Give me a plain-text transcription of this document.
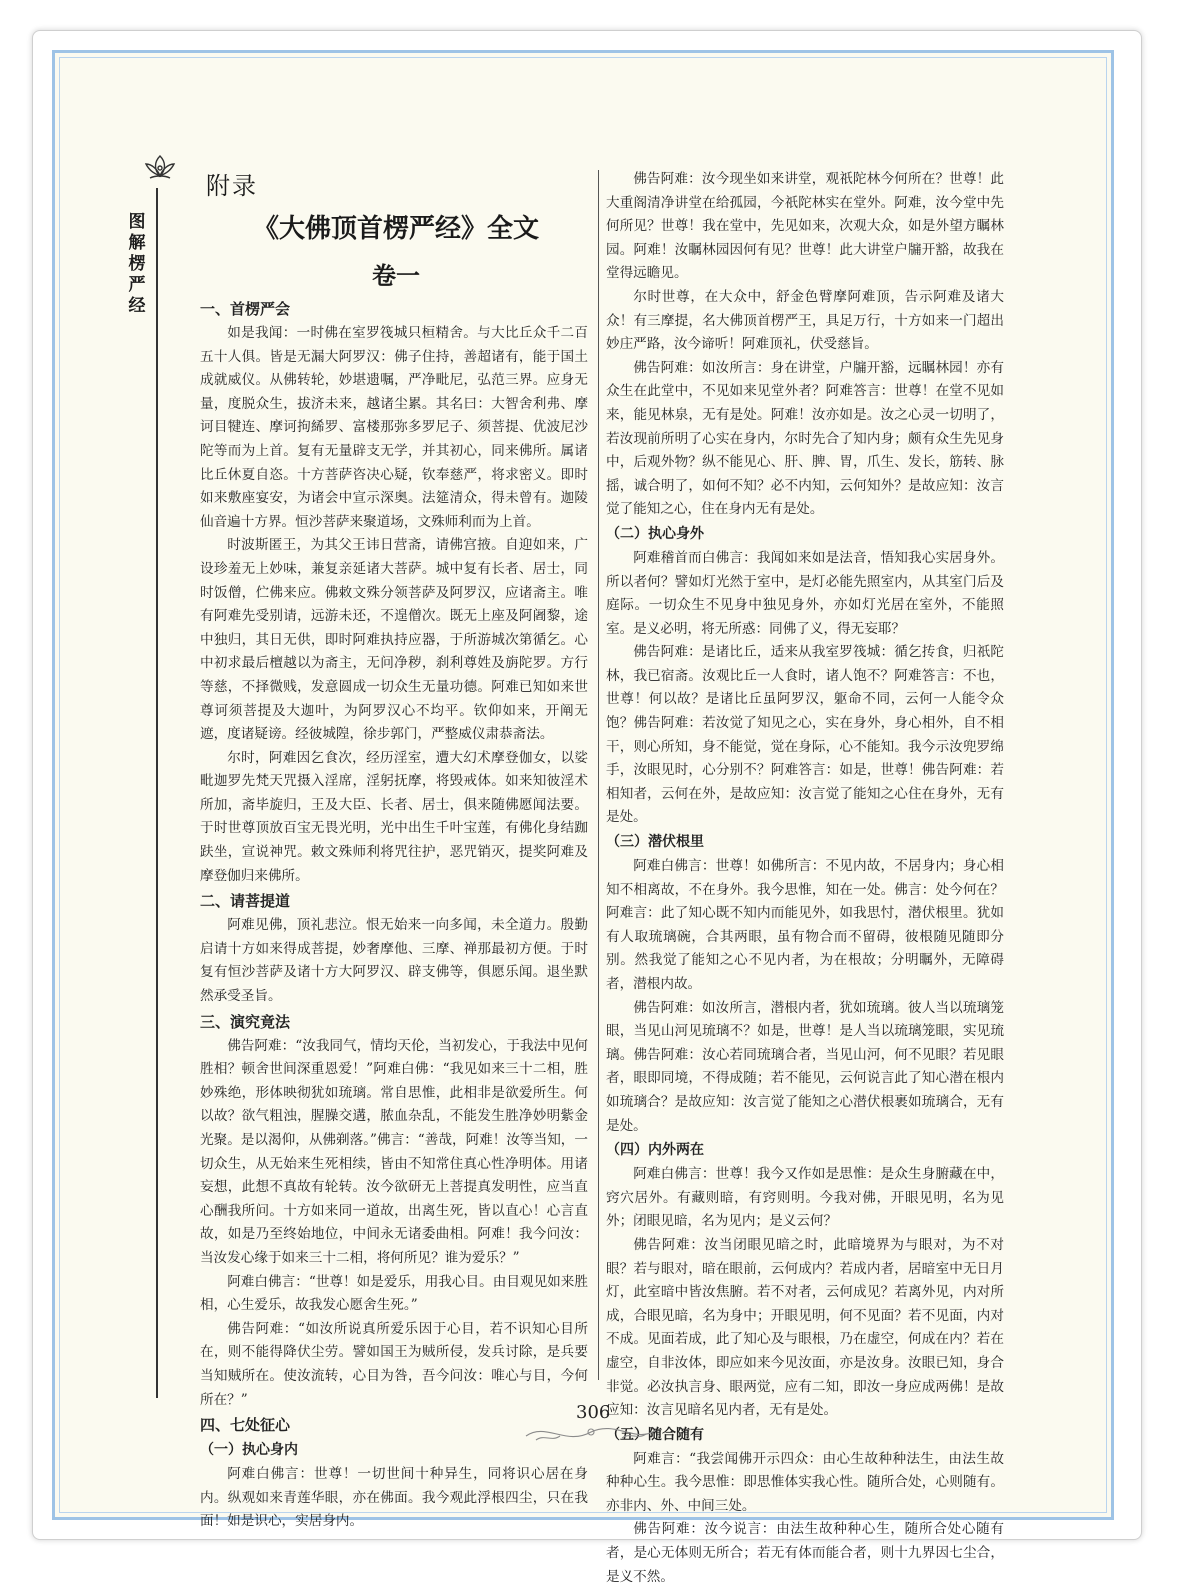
图
解
楞
严
经
附录
《大佛顶首楞严经》全文
卷一
一、首楞严会

如是我闻：一时佛在室罗筏城只桓精舍。与大比丘众千二百五十人俱。皆是无漏大阿罗汉：佛子住持，善超诸有，能于国土成就威仪。从佛转轮，妙堪遗嘱，严净毗尼，弘范三界。应身无量，度脱众生，拔济未来，越诸尘累。其名曰：大智舍利弗、摩诃目犍连、摩诃拘絺罗、富楼那弥多罗尼子、须菩提、优波尼沙陀等而为上首。复有无量辟支无学，并其初心，同来佛所。属诸比丘休夏自恣。十方菩萨咨决心疑，钦奉慈严，将求密义。即时如来敷座宴安，为诸会中宣示深奥。法筵清众，得未曾有。迦陵仙音遍十方界。恒沙菩萨来聚道场，文殊师利而为上首。

时波斯匿王，为其父王讳日营斋，请佛宫掖。自迎如来，广设珍羞无上妙味，兼复亲延诸大菩萨。城中复有长者、居士，同时饭僧，伫佛来应。佛敕文殊分领菩萨及阿罗汉，应诸斋主。唯有阿难先受别请，远游未还，不遑僧次。既无上座及阿阇黎，途中独归，其日无供，即时阿难执持应器，于所游城次第循乞。心中初求最后檀越以为斋主，无问净秽，刹利尊姓及旃陀罗。方行等慈，不择微贱，发意圆成一切众生无量功德。阿难已知如来世尊诃须菩提及大迦叶，为阿罗汉心不均平。钦仰如来，开阐无遮，度诸疑谤。经彼城隍，徐步郭门，严整威仪肃恭斋法。

尔时，阿难因乞食次，经历淫室，遭大幻术摩登伽女，以娑毗迦罗先梵天咒摄入淫席，淫躬抚摩，将毁戒体。如来知彼淫术所加，斋毕旋归，王及大臣、长者、居士，俱来随佛愿闻法要。于时世尊顶放百宝无畏光明，光中出生千叶宝莲，有佛化身结跏趺坐，宣说神咒。敕文殊师利将咒往护，恶咒销灭，提奖阿难及摩登伽归来佛所。

二、请菩提道

阿难见佛，顶礼悲泣。恨无始来一向多闻，未全道力。殷勤启请十方如来得成菩提，妙奢摩他、三摩、禅那最初方便。于时复有恒沙菩萨及诸十方大阿罗汉、辟支佛等，俱愿乐闻。退坐默然承受圣旨。

三、演究竟法

佛告阿难：“汝我同气，情均天伦，当初发心，于我法中见何胜相？顿舍世间深重恩爱！”阿难白佛：“我见如来三十二相，胜妙殊绝，形体映彻犹如琉璃。常自思惟，此相非是欲爱所生。何以故？欲气粗浊，腥臊交遘，脓血杂乱，不能发生胜净妙明紫金光聚。是以渴仰，从佛剃落。”佛言：“善哉，阿难！汝等当知，一切众生，从无始来生死相续，皆由不知常住真心性净明体。用诸妄想，此想不真故有轮转。汝今欲研无上菩提真发明性，应当直心酬我所问。十方如来同一道故，出离生死，皆以直心！心言直故，如是乃至终始地位，中间永无诸委曲相。阿难！我今问汝：当汝发心缘于如来三十二相，将何所见？谁为爱乐？”

阿难白佛言：“世尊！如是爱乐，用我心目。由目观见如来胜相，心生爱乐，故我发心愿舍生死。”

佛告阿难：“如汝所说真所爱乐因于心目，若不识知心目所在，则不能得降伏尘劳。譬如国王为贼所侵，发兵讨除，是兵要当知贼所在。使汝流转，心目为咎，吾今问汝：唯心与目，今何所在？”

四、七处征心
（一）执心身内

阿难白佛言：世尊！一切世间十种异生，同将识心居在身内。纵观如来青莲华眼，亦在佛面。我今观此浮根四尘，只在我面！如是识心，实居身内。

佛告阿难：汝今现坐如来讲堂，观祇陀林今何所在？世尊！此大重阁清净讲堂在给孤园，今祇陀林实在堂外。阿难，汝今堂中先何所见？世尊！我在堂中，先见如来，次观大众，如是外望方瞩林园。阿难！汝瞩林园因何有见？世尊！此大讲堂户牖开豁，故我在堂得远瞻见。

尔时世尊，在大众中，舒金色臂摩阿难顶，告示阿难及诸大众！有三摩提，名大佛顶首楞严王，具足万行，十方如来一门超出妙庄严路，汝今谛听！阿难顶礼，伏受慈旨。

佛告阿难：如汝所言：身在讲堂，户牖开豁，远瞩林园！亦有众生在此堂中，不见如来见堂外者？阿难答言：世尊！在堂不见如来，能见林泉，无有是处。阿难！汝亦如是。汝之心灵一切明了，若汝现前所明了心实在身内，尔时先合了知内身；颇有众生先见身中，后观外物？纵不能见心、肝、脾、胃，爪生、发长，筋转、脉摇，诚合明了，如何不知？必不内知，云何知外？是故应知：汝言觉了能知之心，住在身内无有是处。

（二）执心身外

阿难稽首而白佛言：我闻如来如是法音，悟知我心实居身外。所以者何？譬如灯光然于室中，是灯必能先照室内，从其室门后及庭际。一切众生不见身中独见身外，亦如灯光居在室外，不能照室。是义必明，将无所惑：同佛了义，得无妄耶？

佛告阿难：是诸比丘，适来从我室罗筏城：循乞抟食，归祇陀林，我已宿斋。汝观比丘一人食时，诸人饱不？阿难答言：不也，世尊！何以故？是诸比丘虽阿罗汉，躯命不同，云何一人能令众饱？佛告阿难：若汝觉了知见之心，实在身外，身心相外，自不相干，则心所知，身不能觉，觉在身际，心不能知。我今示汝兜罗绵手，汝眼见时，心分别不？阿难答言：如是，世尊！佛告阿难：若相知者，云何在外，是故应知：汝言觉了能知之心住在身外，无有是处。

（三）潜伏根里

阿难白佛言：世尊！如佛所言：不见内故，不居身内；身心相知不相离故，不在身外。我今思惟，知在一处。佛言：处今何在？阿难言：此了知心既不知内而能见外，如我思忖，潜伏根里。犹如有人取琉璃碗，合其两眼，虽有物合而不留碍，彼根随见随即分别。然我觉了能知之心不见内者，为在根故；分明瞩外，无障碍者，潜根内故。

佛告阿难：如汝所言，潜根内者，犹如琉璃。彼人当以琉璃笼眼，当见山河见琉璃不？如是，世尊！是人当以琉璃笼眼，实见琉璃。佛告阿难：汝心若同琉璃合者，当见山河，何不见眼？若见眼者，眼即同境，不得成随；若不能见，云何说言此了知心潜在根内如琉璃合？是故应知：汝言觉了能知之心潜伏根裹如琉璃合，无有是处。

（四）内外两在

阿难白佛言：世尊！我今又作如是思惟：是众生身腑藏在中，窍穴居外。有藏则暗，有窍则明。今我对佛，开眼见明，名为见外；闭眼见暗，名为见内；是义云何？

佛告阿难：汝当闭眼见暗之时，此暗境界为与眼对，为不对眼？若与眼对，暗在眼前，云何成内？若成内者，居暗室中无日月灯，此室暗中皆汝焦腑。若不对者，云何成见？若离外见，内对所成，合眼见暗，名为身中；开眼见明，何不见面？若不见面，内对不成。见面若成，此了知心及与眼根，乃在虚空，何成在内？若在虚空，自非汝体，即应如来今见汝面，亦是汝身。汝眼已知，身合非觉。必汝执言身、眼两觉，应有二知，即汝一身应成两佛！是故应知：汝言见暗名见内者，无有是处。

（五）随合随有

阿难言：“我尝闻佛开示四众：由心生故种种法生，由法生故种种心生。我今思惟：即思惟体实我心性。随所合处，心则随有。亦非内、外、中间三处。

佛告阿难：汝今说言：由法生故种种心生，随所合处心随有者，是心无体则无所合；若无有体而能合者，则十九界因七尘合，是义不然。

306
